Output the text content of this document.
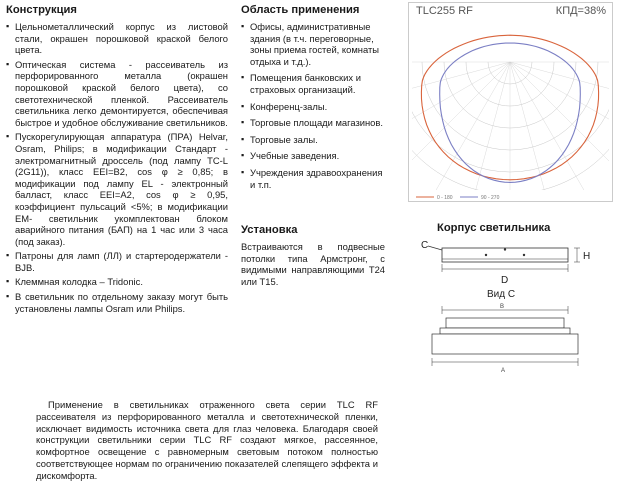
Конструкция
▪ Цельнометаллический корпус из листовой стали, окрашен порошковой краской белого цвета.
▪ Оптическая система - рассеиватель из перфорированного металла (окрашен порошковой краской белого цвета), со светотехнической пленкой. Рассеиватель светильника легко демонтируется, обеспечивая быстрое и удобное обслуживание светильников.
▪ Пускорегулирующая аппаратура (ПРА) Helvar, Osram, Philips; в модификации Стандарт - электромагнитный дроссель (под лампу TC-L (2G11)), класс EEI=B2, cos φ ≥ 0,85; в модификации под лампу EL - электронный балласт, класс EEI=A2, cos φ ≥ 0,95, коэффициент пульсаций <5%; в модификации EM- светильник укомплектован блоком аварийного питания (БАП) на 1 час или 3 часа (под заказ).
▪ Патроны для ламп (ЛЛ) и стартеродержатели - BJB.
▪ Клеммная колодка – Tridonic.
▪ В светильник по отдельному заказу могут быть установлены лампы Osram или Philips.
Область применения
▪ Офисы, административные здания (в т.ч. переговорные, зоны приема гостей, комнаты отдыха и т.д.).
▪ Помещения банковских и страховых организаций.
▪ Конференц-залы.
▪ Торговые площади магазинов.
▪ Торговые залы.
▪ Учебные заведения.
▪ Учреждения здравоохранения и т.п.
Установка

Встраиваются в подвесные потолки типа Армстронг, с видимыми направляющими T24 или T15.

TLC255 RF	КПД=38%
0 - 180	90 - 270
Корпус светильника
C
H
D
Вид C
B
A

Применение в светильниках отраженного света серии TLC RF рассеивателя из перфорированного металла и светотехнической пленки, исключает видимость источника света для глаз человека. Благодаря своей конструкции светильники серии TLC RF создают мягкое, рассеянное, комфортное освещение с равномерным световым потоком полностью соответствующее нормам по ограничению показателей слепящего эффекта и дискомфорта.
